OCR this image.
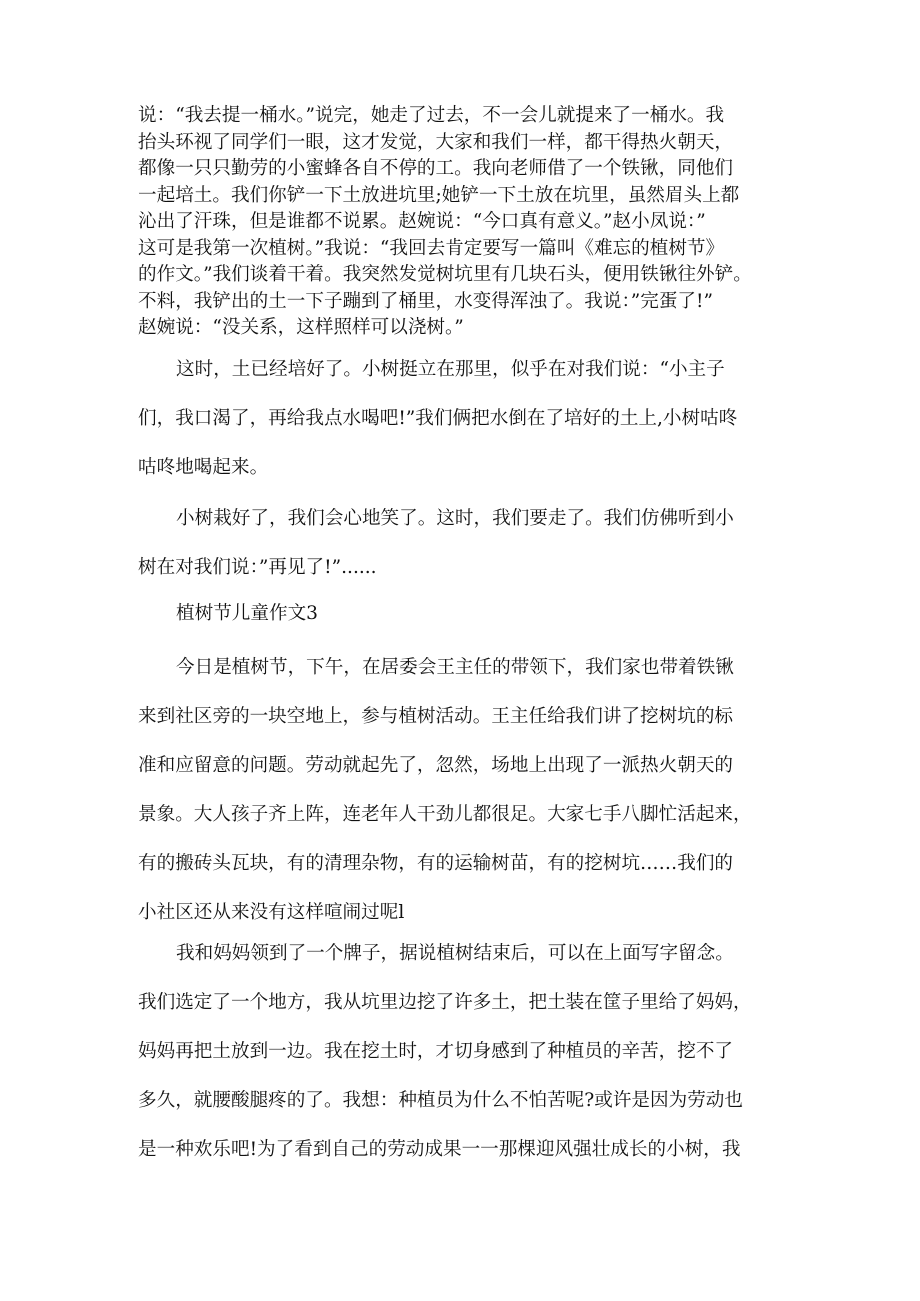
说：“我去提一桶水。”说完，她走了过去，不一会儿就提来了一桶水。我
抬头环视了同学们一眼，这才发觉，大家和我们一样，都干得热火朝天，
都像一只只勤劳的小蜜蜂各自不停的工。我向老师借了一个铁锹，同他们
一起培土。我们你铲一下土放进坑里;她铲一下土放在坑里，虽然眉头上都
沁出了汗珠，但是谁都不说累。赵婉说：“今口真有意义。”赵小凤说：”
这可是我第一次植树。”我说：“我回去肯定要写一篇叫《难忘的植树节》
的作文。”我们谈着干着。我突然发觉树坑里有几块石头，便用铁锹往外铲。
不料，我铲出的土一下子蹦到了桶里，水变得浑浊了。我说：”完蛋了!”
赵婉说：“没关系，这样照样可以浇树。”
这时，土已经培好了。小树挺立在那里，似乎在对我们说：“小主子
们，我口渴了，再给我点水喝吧!”我们俩把水倒在了培好的土上,小树咕咚
咕咚地喝起来。
小树栽好了，我们会心地笑了。这时，我们要走了。我们仿佛听到小
树在对我们说：”再见了!”......
植树节儿童作文3
今日是植树节，下午，在居委会王主任的带领下，我们家也带着铁锹
来到社区旁的一块空地上，参与植树活动。王主任给我们讲了挖树坑的标
准和应留意的问题。劳动就起先了，忽然，场地上出现了一派热火朝天的
景象。大人孩子齐上阵，连老年人干劲儿都很足。大家七手八脚忙活起来，
有的搬砖头瓦块，有的清理杂物，有的运输树苗，有的挖树坑……我们的
小社区还从来没有这样喧闹过呢l
我和妈妈领到了一个牌子，据说植树结束后，可以在上面写字留念。
我们选定了一个地方，我从坑里边挖了许多土，把土装在筐子里给了妈妈，
妈妈再把土放到一边。我在挖土时，才切身感到了种植员的辛苦，挖不了
多久，就腰酸腿疼的了。我想：种植员为什么不怕苦呢?或许是因为劳动也
是一种欢乐吧!为了看到自己的劳动成果一一那棵迎风强壮成长的小树，我
